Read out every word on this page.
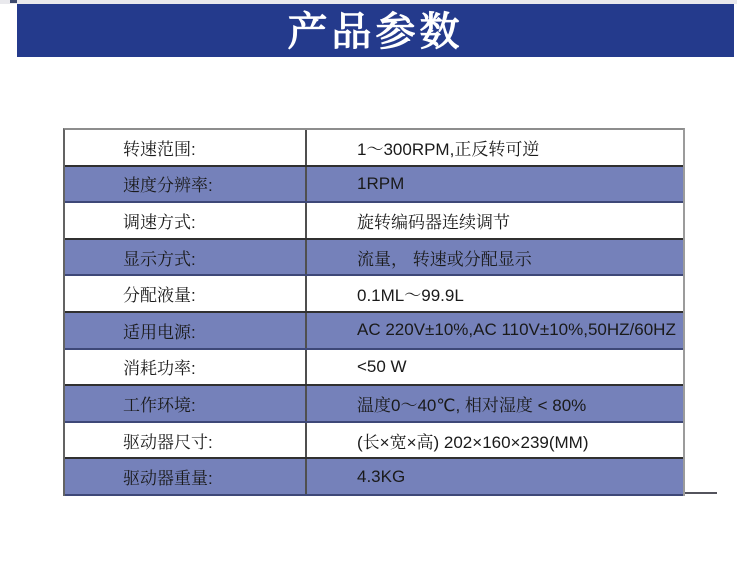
产品参数
转速范围:	1～300RPM,正反转可逆
速度分辨率:	1RPM
调速方式:	旋转编码器连续调节
显示方式:	流量， 转速或分配显示
分配液量:	0.1ML～99.9L
适用电源:	AC 220V±10%,AC 110V±10%,50HZ/60HZ
消耗功率:	<50 W
工作环境:	温度0～40℃, 相对湿度 < 80%
驱动器尺寸:	(长×宽×高) 202×160×239(MM)
驱动器重量:	4.3KG
